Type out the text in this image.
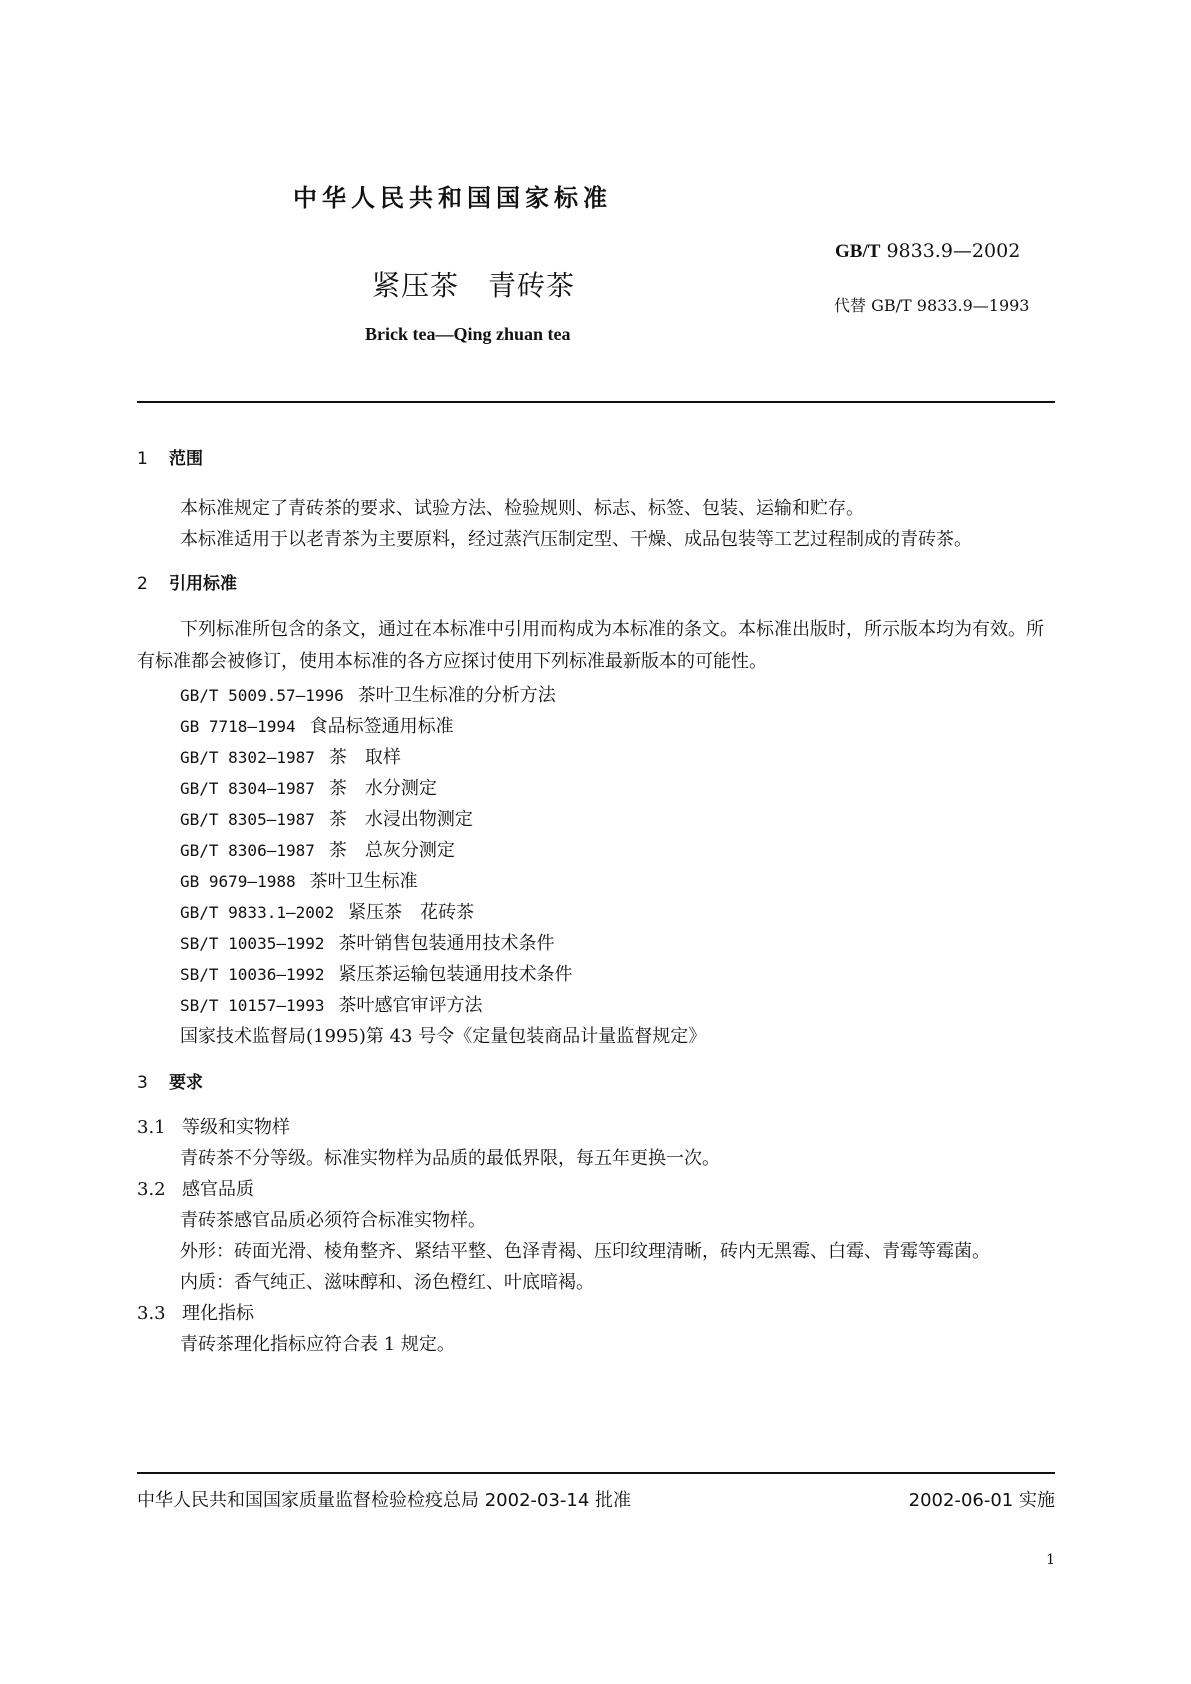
中华人民共和国国家标准
GB/T 9833.9—2002
紧压茶　青砖茶
代替 GB/T 9833.9—1993
Brick tea—Qing zhuan tea
1 范围
本标准规定了青砖茶的要求、试验方法、检验规则、标志、标签、包装、运输和贮存。
本标准适用于以老青茶为主要原料，经过蒸汽压制定型、干燥、成品包装等工艺过程制成的青砖茶。
2 引用标准
下列标准所包含的条文，通过在本标准中引用而构成为本标准的条文。本标准出版时，所示版本均为有效。所有标准都会被修订，使用本标准的各方应探讨使用下列标准最新版本的可能性。
GB/T 5009.57—1996 茶叶卫生标准的分析方法
GB 7718—1994 食品标签通用标准
GB/T 8302—1987 茶　取样
GB/T 8304—1987 茶　水分测定
GB/T 8305—1987 茶　水浸出物测定
GB/T 8306—1987 茶　总灰分测定
GB 9679—1988 茶叶卫生标准
GB/T 9833.1—2002 紧压茶　花砖茶
SB/T 10035—1992 茶叶销售包装通用技术条件
SB/T 10036—1992 紧压茶运输包装通用技术条件
SB/T 10157—1993 茶叶感官审评方法
国家技术监督局(1995)第 43 号令《定量包装商品计量监督规定》
3 要求
3.1 等级和实物样
青砖茶不分等级。标准实物样为品质的最低界限，每五年更换一次。
3.2 感官品质
青砖茶感官品质必须符合标准实物样。
外形：砖面光滑、棱角整齐、紧结平整、色泽青褐、压印纹理清晰，砖内无黑霉、白霉、青霉等霉菌。
内质：香气纯正、滋味醇和、汤色橙红、叶底暗褐。
3.3 理化指标
青砖茶理化指标应符合表 1 规定。
中华人民共和国国家质量监督检验检疫总局 2002-03-14 批准	2002-06-01 实施
1
